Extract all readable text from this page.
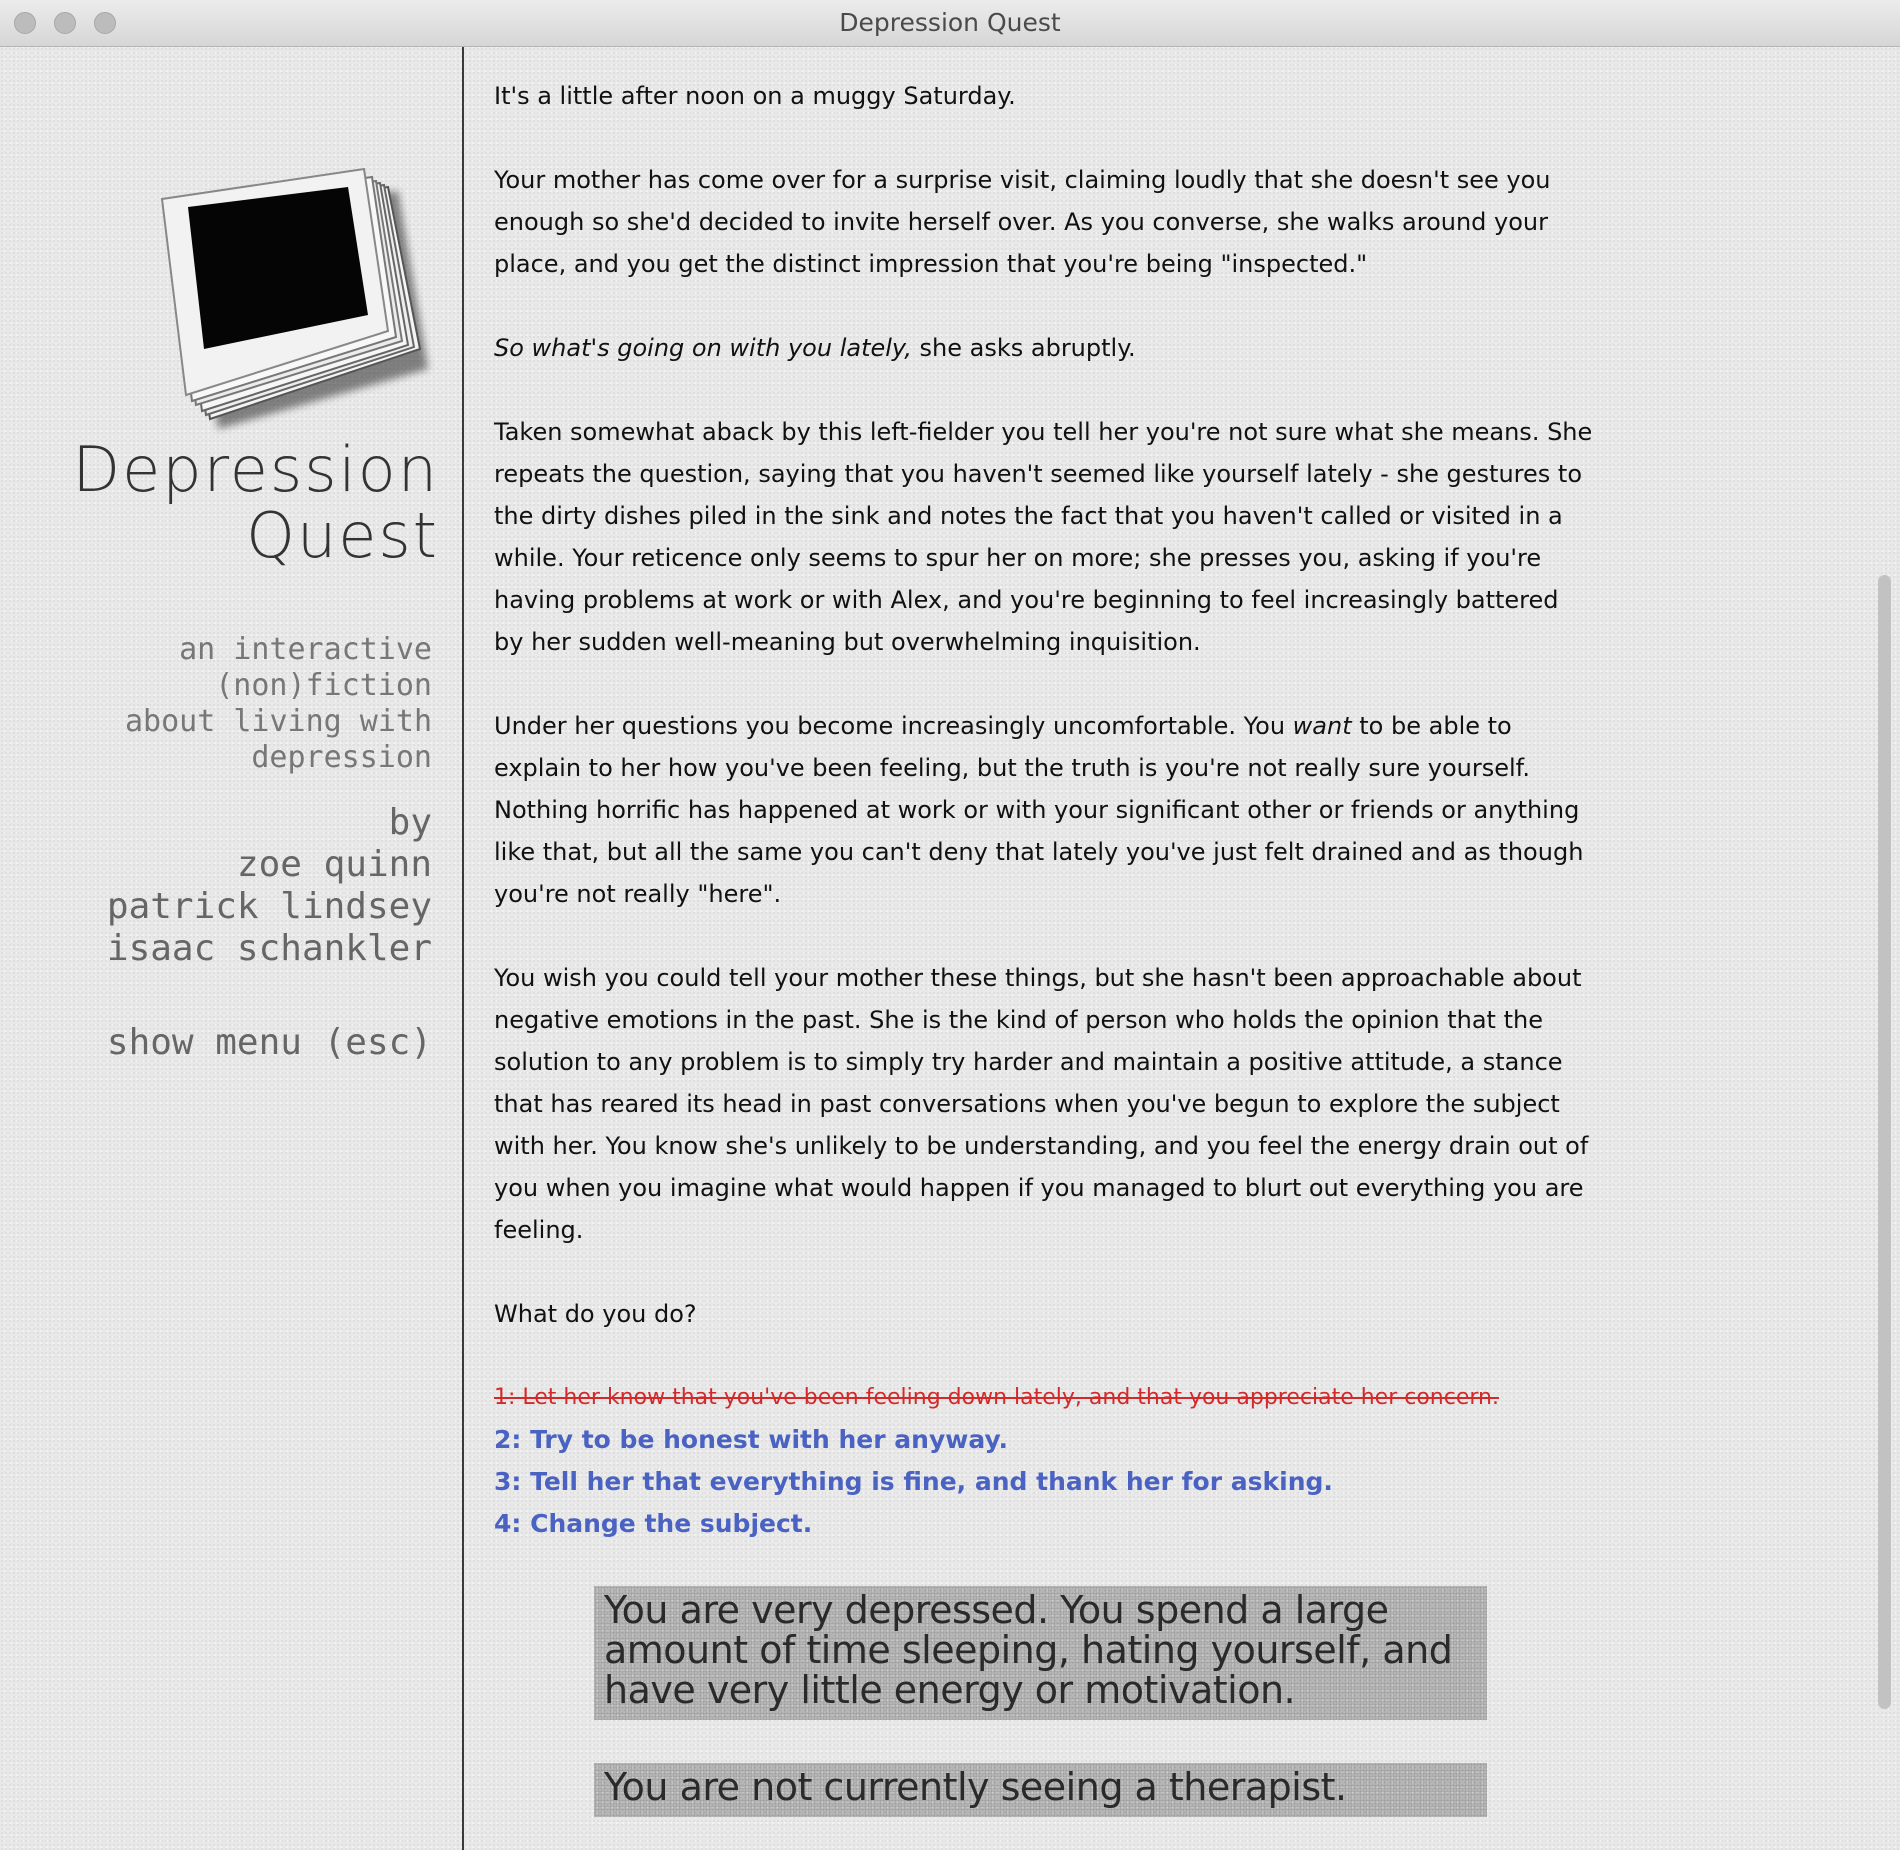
Depression Quest
Depression
Quest
an interactive
(non)fiction
about living with
depression
by
zoe quinn
patrick lindsey
isaac schankler
show menu (esc)

It's a little after noon on a muggy Saturday.

Your mother has come over for a surprise visit, claiming loudly that she doesn't see you enough so she'd decided to invite herself over. As you converse, she walks around your place, and you get the distinct impression that you're being "inspected."

So what's going on with you lately, she asks abruptly.

Taken somewhat aback by this left-fielder you tell her you're not sure what she means. She repeats the question, saying that you haven't seemed like yourself lately - she gestures to the dirty dishes piled in the sink and notes the fact that you haven't called or visited in a while. Your reticence only seems to spur her on more; she presses you, asking if you're having problems at work or with Alex, and you're beginning to feel increasingly battered by her sudden well-meaning but overwhelming inquisition.

Under her questions you become increasingly uncomfortable. You want to be able to explain to her how you've been feeling, but the truth is you're not really sure yourself. Nothing horrific has happened at work or with your significant other or friends or anything like that, but all the same you can't deny that lately you've just felt drained and as though you're not really "here".

You wish you could tell your mother these things, but she hasn't been approachable about negative emotions in the past. She is the kind of person who holds the opinion that the solution to any problem is to simply try harder and maintain a positive attitude, a stance that has reared its head in past conversations when you've begun to explore the subject with her. You know she's unlikely to be understanding, and you feel the energy drain out of you when you imagine what would happen if you managed to blurt out everything you are feeling.

What do you do?

1: Let her know that you've been feeling down lately, and that you appreciate her concern.
2: Try to be honest with her anyway.
3: Tell her that everything is fine, and thank her for asking.
4: Change the subject.
You are very depressed. You spend a large amount of time sleeping, hating yourself, and have very little energy or motivation.
You are not currently seeing a therapist.
